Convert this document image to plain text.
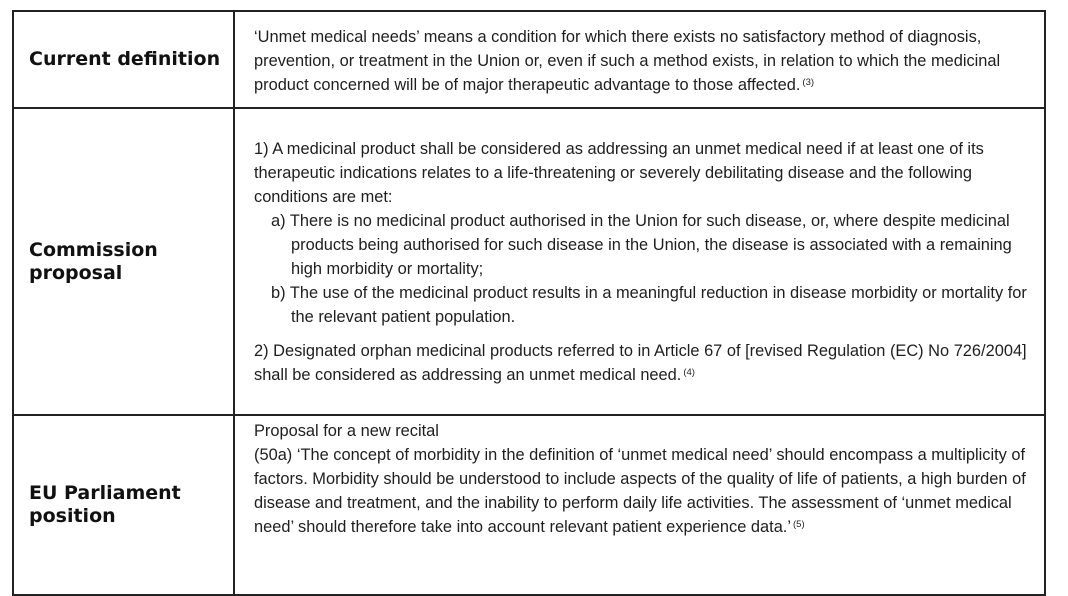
Current definition	‘Unmet medical needs’ means a condition for which there exists no satisfactory method of diagnosis, prevention, or treatment in the Union or, even if such a method exists, in relation to which the medicinal product concerned will be of major therapeutic advantage to those affected. $^{(3)}$
Commission proposal	1) A medicinal product shall be considered as addressing an unmet medical need if at least one of its therapeutic indications relates to a life-threatening or severely debilitating disease and the following conditions are met:

a) There is no medicinal product authorised in the Union for such disease, or, where despite medicinal products being authorised for such disease in the Union, the disease is associated with a remaining high morbidity or mortality;

b) The use of the medicinal product results in a meaningful reduction in disease morbidity or mortality for the relevant patient population.

2) Designated orphan medicinal products referred to in Article 67 of [revised Regulation (EC) No 726/2004] shall be considered as addressing an unmet medical need. $^{(4)}$

EU Parliament position	Proposal for a new recital

(50a) ‘The concept of morbidity in the definition of ‘unmet medical need’ should encompass a multiplicity of factors. Morbidity should be understood to include aspects of the quality of life of patients, a high burden of disease and treatment, and the inability to perform daily life activities. The assessment of ‘unmet medical need’ should therefore take into account relevant patient experience data.’ $^{(5)}$
